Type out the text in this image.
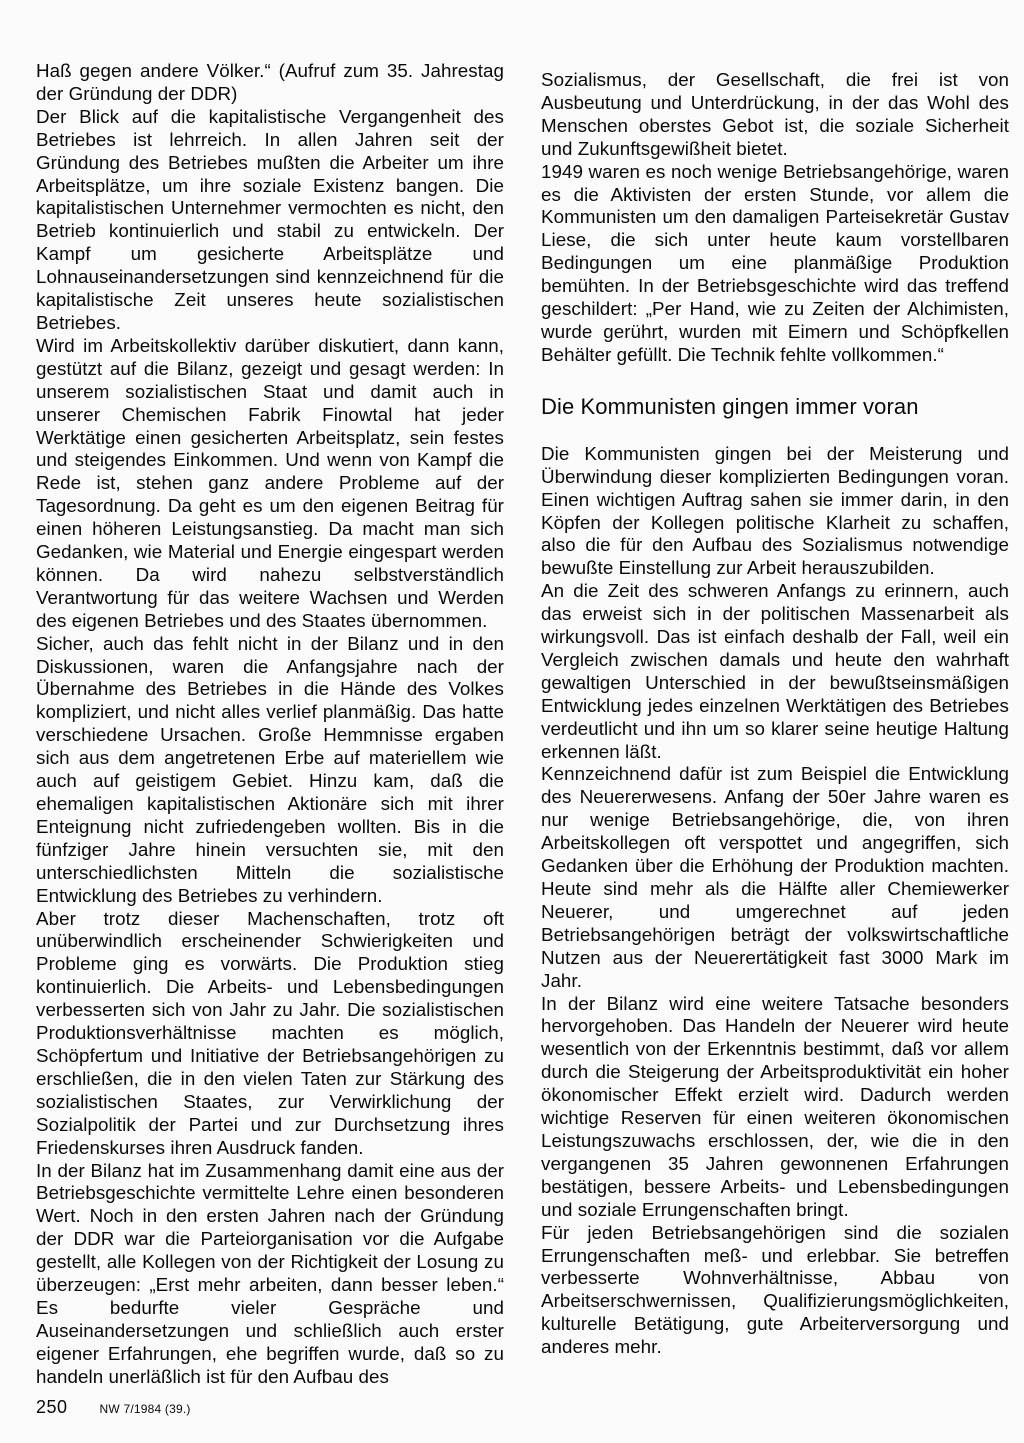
Haß gegen andere Völker.“ (Aufruf zum 35. Jahrestag der Gründung der DDR)

Der Blick auf die kapitalistische Vergangenheit des Betriebes ist lehrreich. In allen Jahren seit der Gründung des Betriebes mußten die Arbeiter um ihre Arbeitsplätze, um ihre soziale Existenz bangen. Die kapitalistischen Unternehmer vermochten es nicht, den Betrieb kontinuierlich und stabil zu entwickeln. Der Kampf um gesicherte Arbeitsplätze und Lohnauseinandersetzungen sind kennzeichnend für die kapitalistische Zeit unseres heute sozialistischen Betriebes.

Wird im Arbeitskollektiv darüber diskutiert, dann kann, gestützt auf die Bilanz, gezeigt und gesagt werden: In unserem sozialistischen Staat und damit auch in unserer Chemischen Fabrik Finowtal hat jeder Werktätige einen gesicherten Arbeitsplatz, sein festes und steigendes Einkommen. Und wenn von Kampf die Rede ist, stehen ganz andere Probleme auf der Tagesordnung. Da geht es um den eigenen Beitrag für einen höheren Leistungsanstieg. Da macht man sich Gedanken, wie Material und Energie eingespart werden können. Da wird nahezu selbstverständlich Verantwortung für das weitere Wachsen und Werden des eigenen Betriebes und des Staates übernommen.

Sicher, auch das fehlt nicht in der Bilanz und in den Diskussionen, waren die Anfangsjahre nach der Übernahme des Betriebes in die Hände des Volkes kompliziert, und nicht alles verlief planmäßig. Das hatte verschiedene Ursachen. Große Hemmnisse ergaben sich aus dem angetretenen Erbe auf materiellem wie auch auf geistigem Gebiet. Hinzu kam, daß die ehemaligen kapitalistischen Aktionäre sich mit ihrer Enteignung nicht zufriedengeben wollten. Bis in die fünfziger Jahre hinein versuchten sie, mit den unterschiedlichsten Mitteln die sozialistische Entwicklung des Betriebes zu verhindern.

Aber trotz dieser Machenschaften, trotz oft unüberwindlich erscheinender Schwierigkeiten und Probleme ging es vorwärts. Die Produktion stieg kontinuierlich. Die Arbeits- und Lebensbedingungen verbesserten sich von Jahr zu Jahr. Die sozialistischen Produktionsverhältnisse machten es möglich, Schöpfertum und Initiative der Betriebsangehörigen zu erschließen, die in den vielen Taten zur Stärkung des sozialistischen Staates, zur Verwirklichung der Sozialpolitik der Partei und zur Durchsetzung ihres Friedenskurses ihren Ausdruck fanden.

In der Bilanz hat im Zusammenhang damit eine aus der Betriebsgeschichte vermittelte Lehre einen besonderen Wert. Noch in den ersten Jahren nach der Gründung der DDR war die Parteiorganisation vor die Aufgabe gestellt, alle Kollegen von der Richtigkeit der Losung zu überzeugen: „Erst mehr arbeiten, dann besser leben.“ Es bedurfte vieler Gespräche und Auseinandersetzungen und schließlich auch erster eigener Erfahrungen, ehe begriffen wurde, daß so zu handeln unerläßlich ist für den Aufbau des

Sozialismus, der Gesellschaft, die frei ist von Ausbeutung und Unterdrückung, in der das Wohl des Menschen oberstes Gebot ist, die soziale Sicherheit und Zukunftsgewißheit bietet.

1949 waren es noch wenige Betriebsangehörige, waren es die Aktivisten der ersten Stunde, vor allem die Kommunisten um den damaligen Parteisekretär Gustav Liese, die sich unter heute kaum vorstellbaren Bedingungen um eine planmäßige Produktion bemühten. In der Betriebsgeschichte wird das treffend geschildert: „Per Hand, wie zu Zeiten der Alchimisten, wurde gerührt, wurden mit Eimern und Schöpfkellen Behälter gefüllt. Die Technik fehlte vollkommen.“

Die Kommunisten gingen immer voran

Die Kommunisten gingen bei der Meisterung und Überwindung dieser komplizierten Bedingungen voran. Einen wichtigen Auftrag sahen sie immer darin, in den Köpfen der Kollegen politische Klarheit zu schaffen, also die für den Aufbau des Sozialismus notwendige bewußte Einstellung zur Arbeit herauszubilden.

An die Zeit des schweren Anfangs zu erinnern, auch das erweist sich in der politischen Massenarbeit als wirkungsvoll. Das ist einfach deshalb der Fall, weil ein Vergleich zwischen damals und heute den wahrhaft gewaltigen Unterschied in der bewußtseinsmäßigen Entwicklung jedes einzelnen Werktätigen des Betriebes verdeutlicht und ihn um so klarer seine heutige Haltung erkennen läßt.

Kennzeichnend dafür ist zum Beispiel die Entwicklung des Neuererwesens. Anfang der 50er Jahre waren es nur wenige Betriebsangehörige, die, von ihren Arbeitskollegen oft verspottet und angegriffen, sich Gedanken über die Erhöhung der Produktion machten. Heute sind mehr als die Hälfte aller Chemiewerker Neuerer, und umgerechnet auf jeden Betriebsangehörigen beträgt der volkswirtschaftliche Nutzen aus der Neuerertätigkeit fast 3000 Mark im Jahr.

In der Bilanz wird eine weitere Tatsache besonders hervorgehoben. Das Handeln der Neuerer wird heute wesentlich von der Erkenntnis bestimmt, daß vor allem durch die Steigerung der Arbeitsproduktivität ein hoher ökonomischer Effekt erzielt wird. Dadurch werden wichtige Reserven für einen weiteren ökonomischen Leistungszuwachs erschlossen, der, wie die in den vergangenen 35 Jahren gewonnenen Erfahrungen bestätigen, bessere Arbeits- und Lebensbedingungen und soziale Errungenschaften bringt.

Für jeden Betriebsangehörigen sind die sozialen Errungenschaften meß- und erlebbar. Sie betreffen verbesserte Wohnverhältnisse, Abbau von Arbeitserschwernissen, Qualifizierungsmöglichkeiten, kulturelle Betätigung, gute Arbeiterversorgung und anderes mehr.

250	NW 7/1984 (39.)
